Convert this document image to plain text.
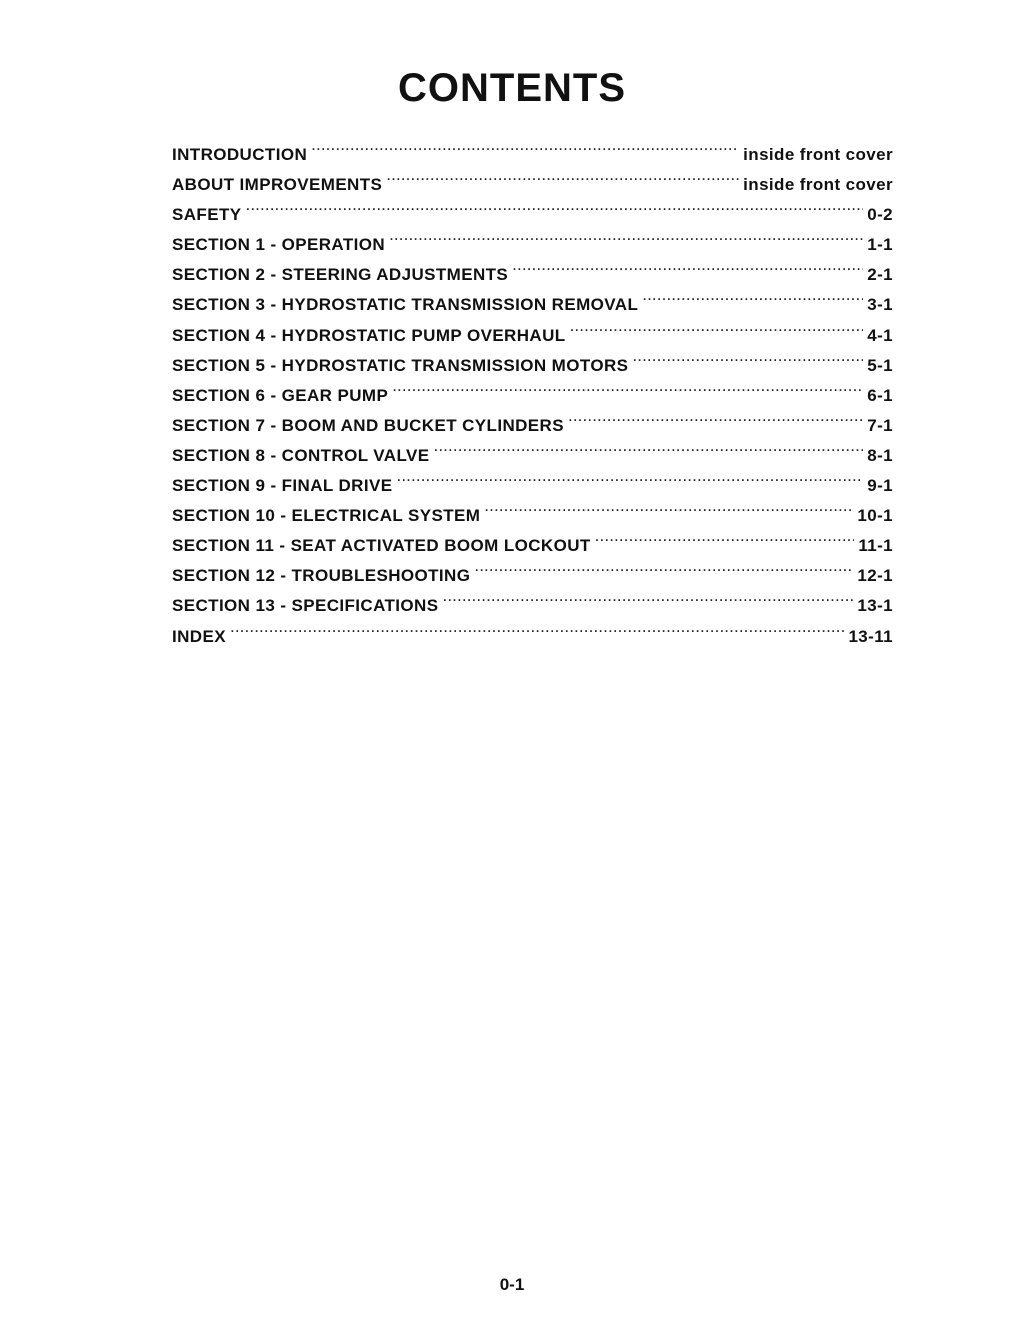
CONTENTS
INTRODUCTION . . .	inside front cover
ABOUT IMPROVEMENTS . . .	inside front cover
SAFETY . . .	0-2
SECTION 1 - OPERATION . . .	1-1
SECTION 2 - STEERING ADJUSTMENTS . . .	2-1
SECTION 3 - HYDROSTATIC TRANSMISSION REMOVAL . . .	3-1
SECTION 4 - HYDROSTATIC PUMP OVERHAUL . . .	4-1
SECTION 5 - HYDROSTATIC TRANSMISSION MOTORS . . .	5-1
SECTION 6 - GEAR PUMP . . .	6-1
SECTION 7 - BOOM AND BUCKET CYLINDERS . . .	7-1
SECTION 8 - CONTROL VALVE . . .	8-1
SECTION 9 - FINAL DRIVE . . .	9-1
SECTION 10 - ELECTRICAL SYSTEM . . .	10-1
SECTION 11 - SEAT ACTIVATED BOOM LOCKOUT . . .	11-1
SECTION 12 - TROUBLESHOOTING . . .	12-1
SECTION 13 - SPECIFICATIONS . . .	13-1
INDEX . . .	13-11
0-1
